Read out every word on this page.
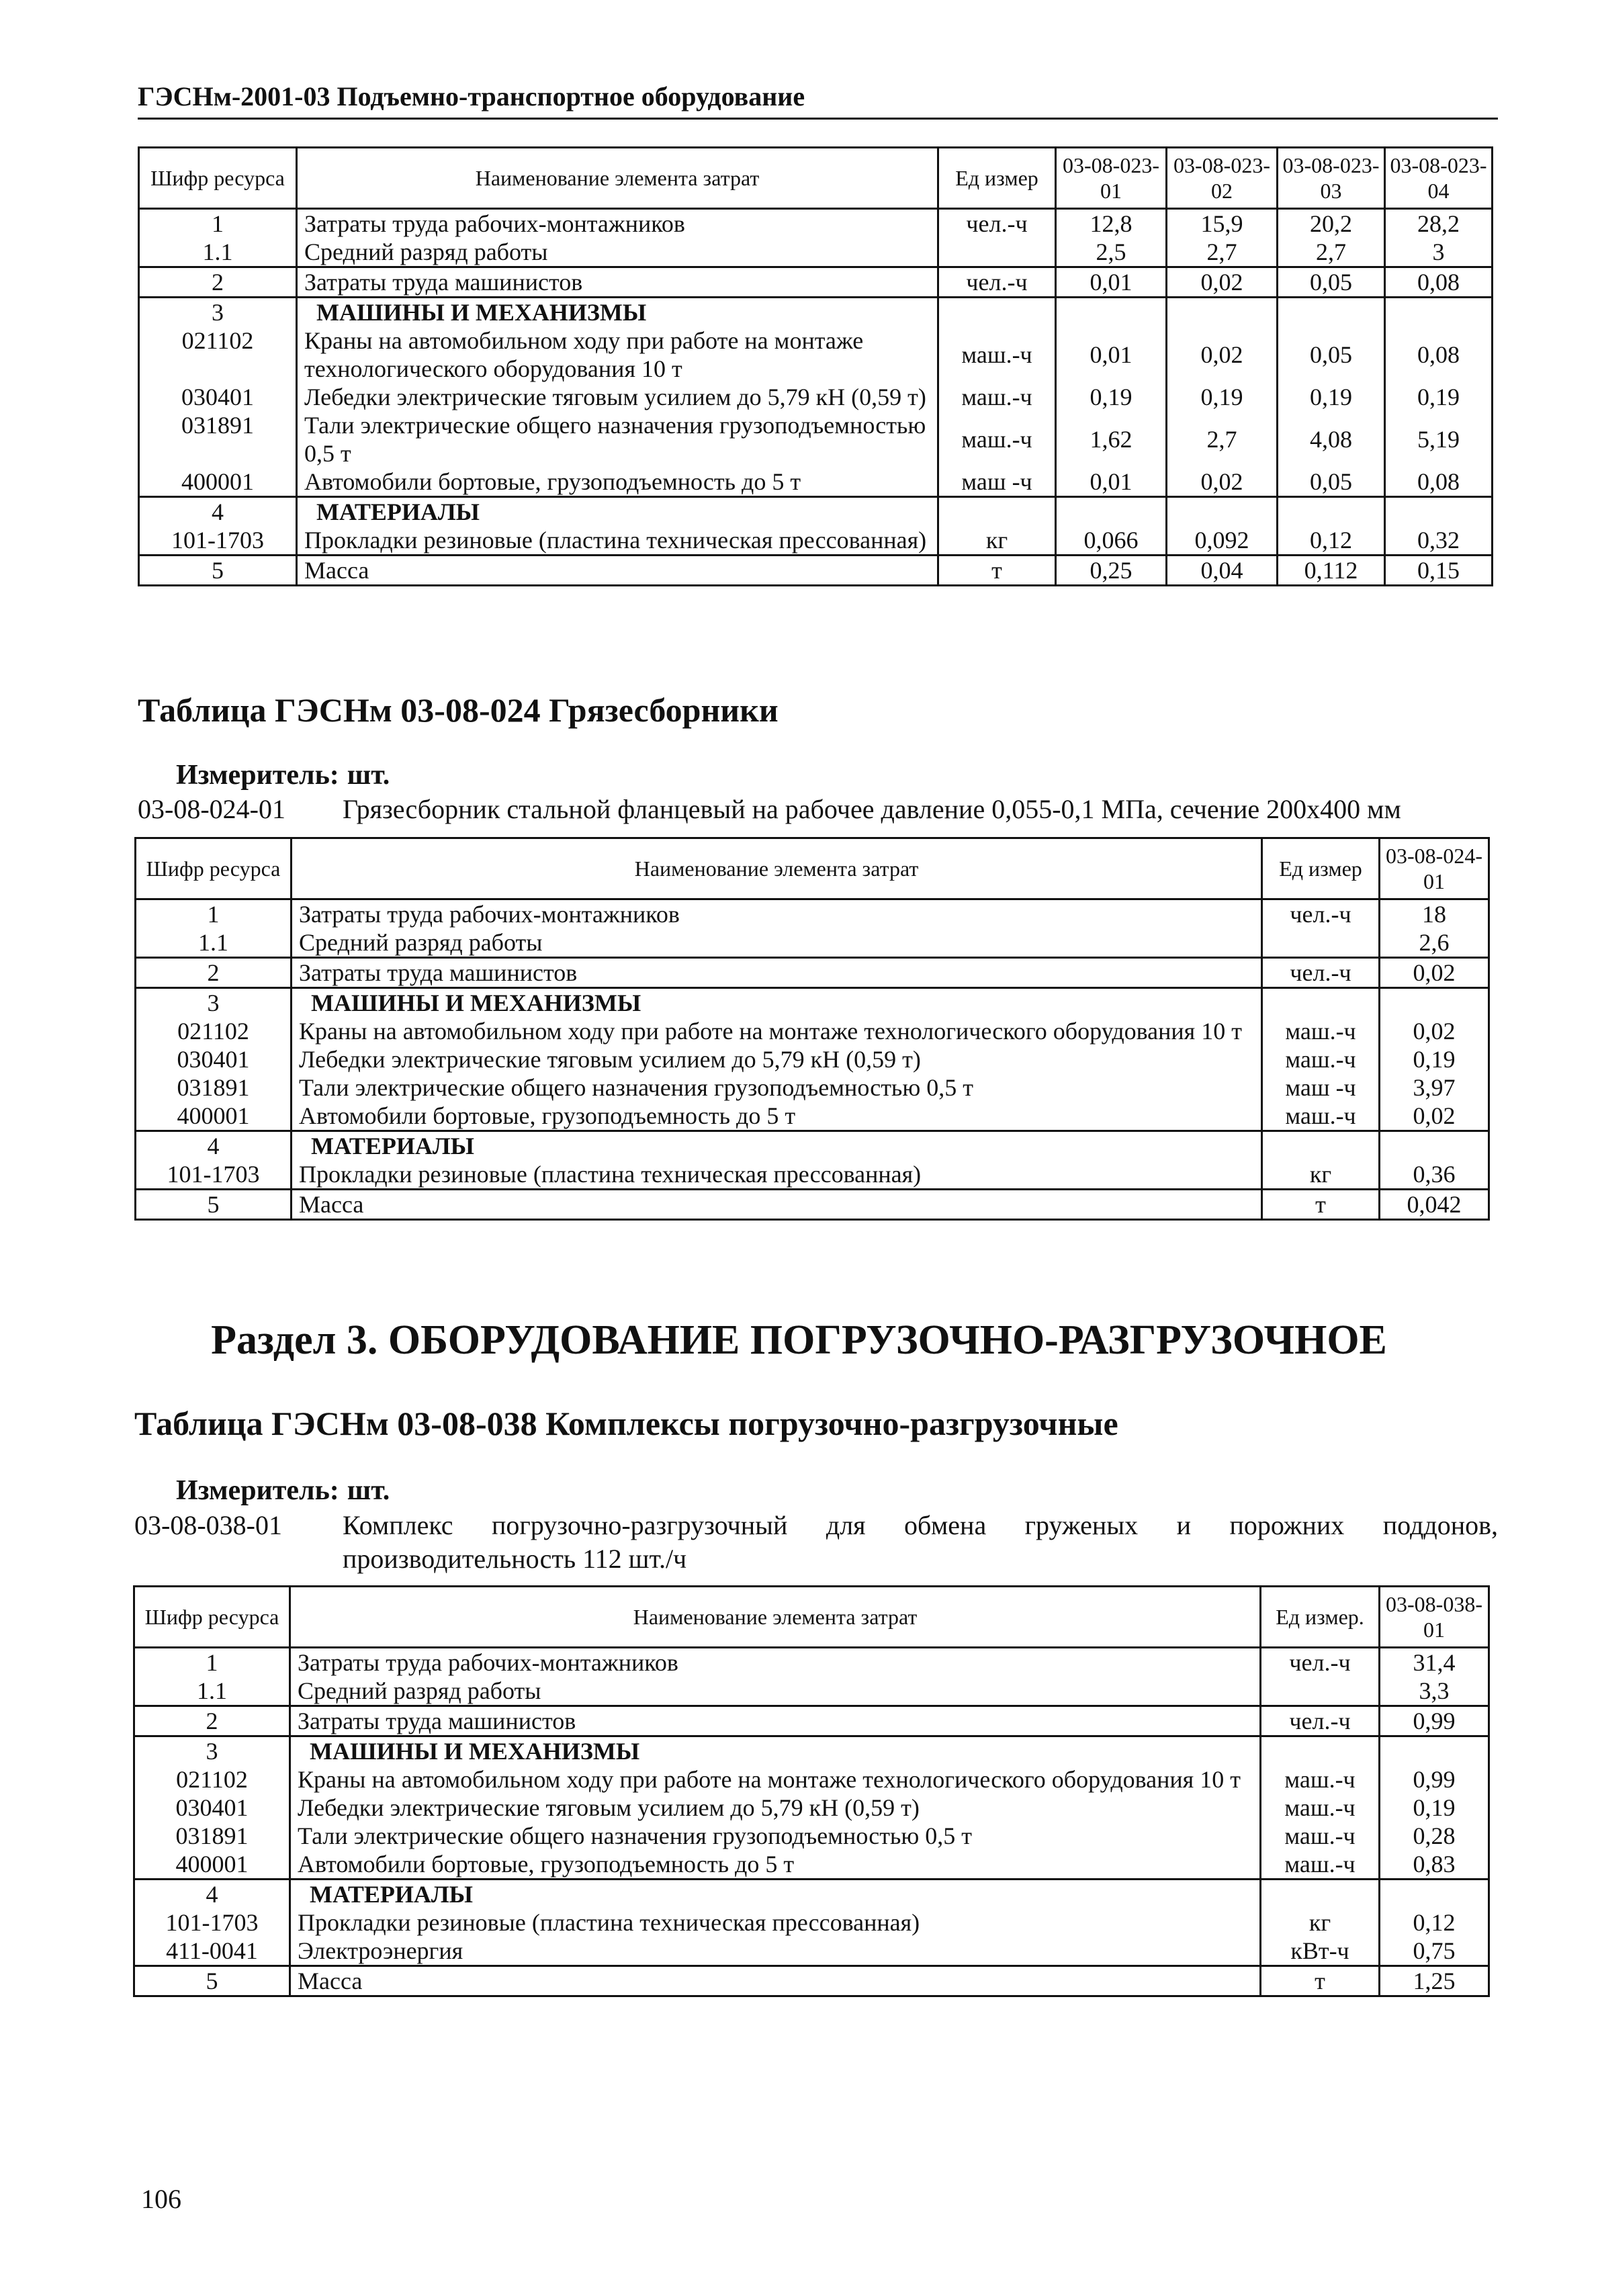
ГЭСНм-2001-03 Подъемно-транспортное оборудование
Шифр ресурса	Наименование элемента затрат	Ед измер	03-08-023-01	03-08-023-02	03-08-023-03	03-08-023-04
1	Затраты труда рабочих-монтажников	чел.-ч	12,8	15,9	20,2	28,2
1.1	Средний разряд работы		2,5	2,7	2,7	3
2	Затраты труда машинистов	чел.-ч	0,01	0,02	0,05	0,08
3	МАШИНЫ И МЕХАНИЗМЫ					
021102	Краны на автомобильном ходу при работе на монтаже технологического оборудования 10 т	маш.-ч	0,01	0,02	0,05	0,08
030401	Лебедки электрические тяговым усилием до 5,79 кН (0,59 т)	маш.-ч	0,19	0,19	0,19	0,19
031891	Тали электрические общего назначения грузоподъемностью 0,5 т	маш.-ч	1,62	2,7	4,08	5,19
400001	Автомобили бортовые, грузоподъемность до 5 т	маш -ч	0,01	0,02	0,05	0,08
4	МАТЕРИАЛЫ					
101-1703	Прокладки резиновые (пластина техническая прессованная)	кг	0,066	0,092	0,12	0,32
5	Масса	т	0,25	0,04	0,112	0,15
Таблица ГЭСНм 03-08-024 Грязесборники
Измеритель: шт.
03-08-024-01 Грязесборник стальной фланцевый на рабочее давление 0,055-0,1 МПа, сечение 200х400 мм
Шифр ресурса	Наименование элемента затрат	Ед измер	03-08-024-01
1	Затраты труда рабочих-монтажников	чел.-ч	18
1.1	Средний разряд работы		2,6
2	Затраты труда машинистов	чел.-ч	0,02
3	МАШИНЫ И МЕХАНИЗМЫ		
021102	Краны на автомобильном ходу при работе на монтаже технологического оборудования 10 т	маш.-ч	0,02
030401	Лебедки электрические тяговым усилием до 5,79 кН (0,59 т)	маш.-ч	0,19
031891	Тали электрические общего назначения грузоподъемностью 0,5 т	маш -ч	3,97
400001	Автомобили бортовые, грузоподъемность до 5 т	маш.-ч	0,02
4	МАТЕРИАЛЫ		
101-1703	Прокладки резиновые (пластина техническая прессованная)	кг	0,36
5	Масса	т	0,042
Раздел 3. ОБОРУДОВАНИЕ ПОГРУЗОЧНО-РАЗГРУЗОЧНОЕ
Таблица ГЭСНм 03-08-038 Комплексы погрузочно-разгрузочные
Измеритель: шт.
03-08-038-01 Комплекс погрузочно-разгрузочный для обмена груженых и порожних поддонов, производительность 112 шт./ч
Шифр ресурса	Наименование элемента затрат	Ед измер.	03-08-038-01
1	Затраты труда рабочих-монтажников	чел.-ч	31,4
1.1	Средний разряд работы		3,3
2	Затраты труда машинистов	чел.-ч	0,99
3	МАШИНЫ И МЕХАНИЗМЫ		
021102	Краны на автомобильном ходу при работе на монтаже технологического оборудования 10 т	маш.-ч	0,99
030401	Лебедки электрические тяговым усилием до 5,79 кН (0,59 т)	маш.-ч	0,19
031891	Тали электрические общего назначения грузоподъемностью 0,5 т	маш.-ч	0,28
400001	Автомобили бортовые, грузоподъемность до 5 т	маш.-ч	0,83
4	МАТЕРИАЛЫ		
101-1703	Прокладки резиновые (пластина техническая прессованная)	кг	0,12
411-0041	Электроэнергия	кВт-ч	0,75
5	Масса	т	1,25
106
